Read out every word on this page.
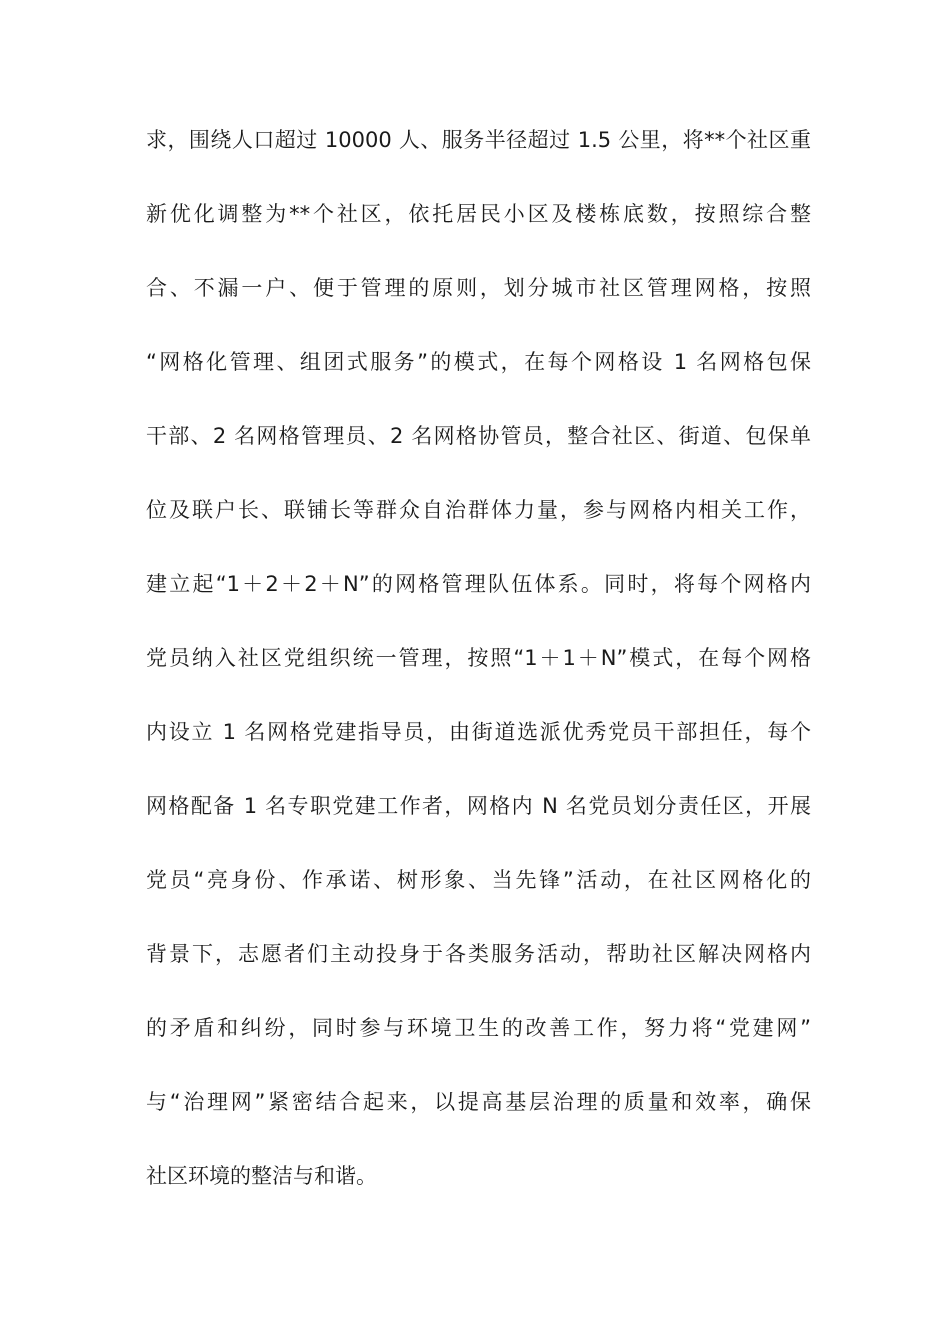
求，围绕人口超过 10000 人、服务半径超过 1.5 公里，将**个社区重
新优化调整为**个社区，依托居民小区及楼栋底数，按照综合整
合、不漏一户、便于管理的原则，划分城市社区管理网格，按照
“网格化管理、组团式服务”的模式，在每个网格设 1 名网格包保
干部、2 名网格管理员、2 名网格协管员，整合社区、街道、包保单
位及联户长、联铺长等群众自治群体力量，参与网格内相关工作，
建立起“1＋2＋2＋N”的网格管理队伍体系。同时，将每个网格内
党员纳入社区党组织统一管理，按照“1＋1＋N”模式，在每个网格
内设立 1 名网格党建指导员，由街道选派优秀党员干部担任，每个
网格配备 1 名专职党建工作者，网格内 N 名党员划分责任区，开展
党员“亮身份、作承诺、树形象、当先锋”活动，在社区网格化的
背景下，志愿者们主动投身于各类服务活动，帮助社区解决网格内
的矛盾和纠纷，同时参与环境卫生的改善工作，努力将“党建网”
与“治理网”紧密结合起来，以提高基层治理的质量和效率，确保
社区环境的整洁与和谐。
